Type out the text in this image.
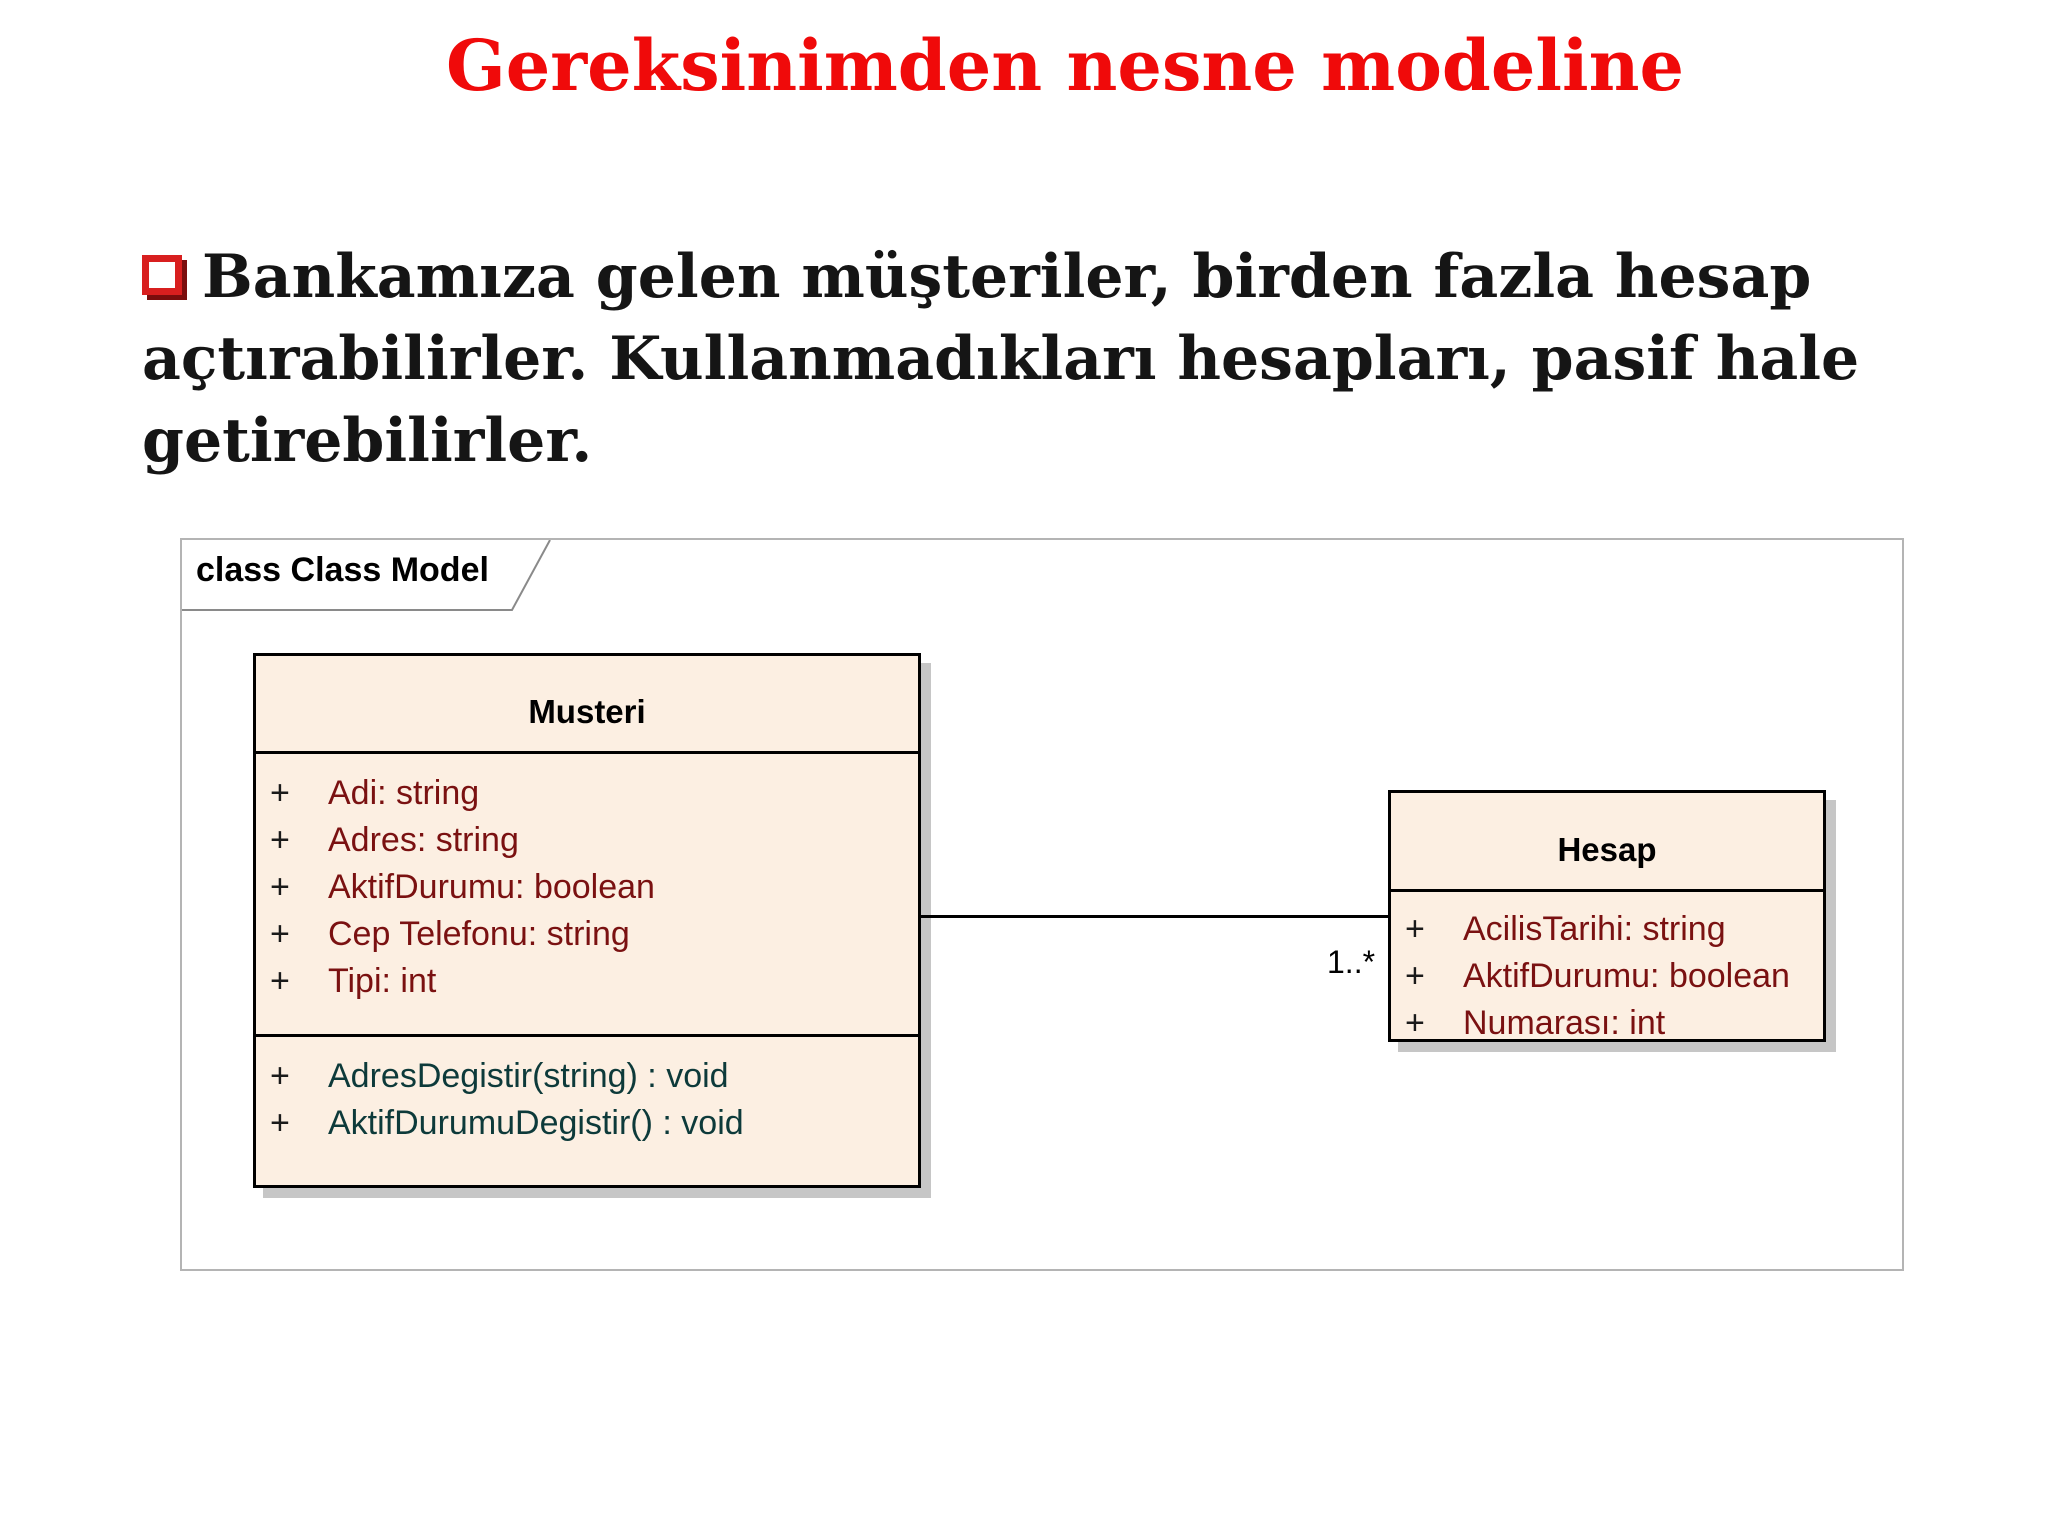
Gereksinimden nesne modeline
Bankamıza gelen müşteriler, birden fazla hesap açtırabilirler. Kullanmadıkları hesapları, pasif hale getirebilirler.
class Class Model
Musteri
+ Adi: string
+ Adres: string
+ AktifDurumu: boolean
+ Cep Telefonu: string
+ Tipi: int
+ AdresDegistir(string) : void
+ AktifDurumuDegistir() : void
Hesap
+ AcilisTarihi: string
+ AktifDurumu: boolean
+ Numarası: int
1..*
